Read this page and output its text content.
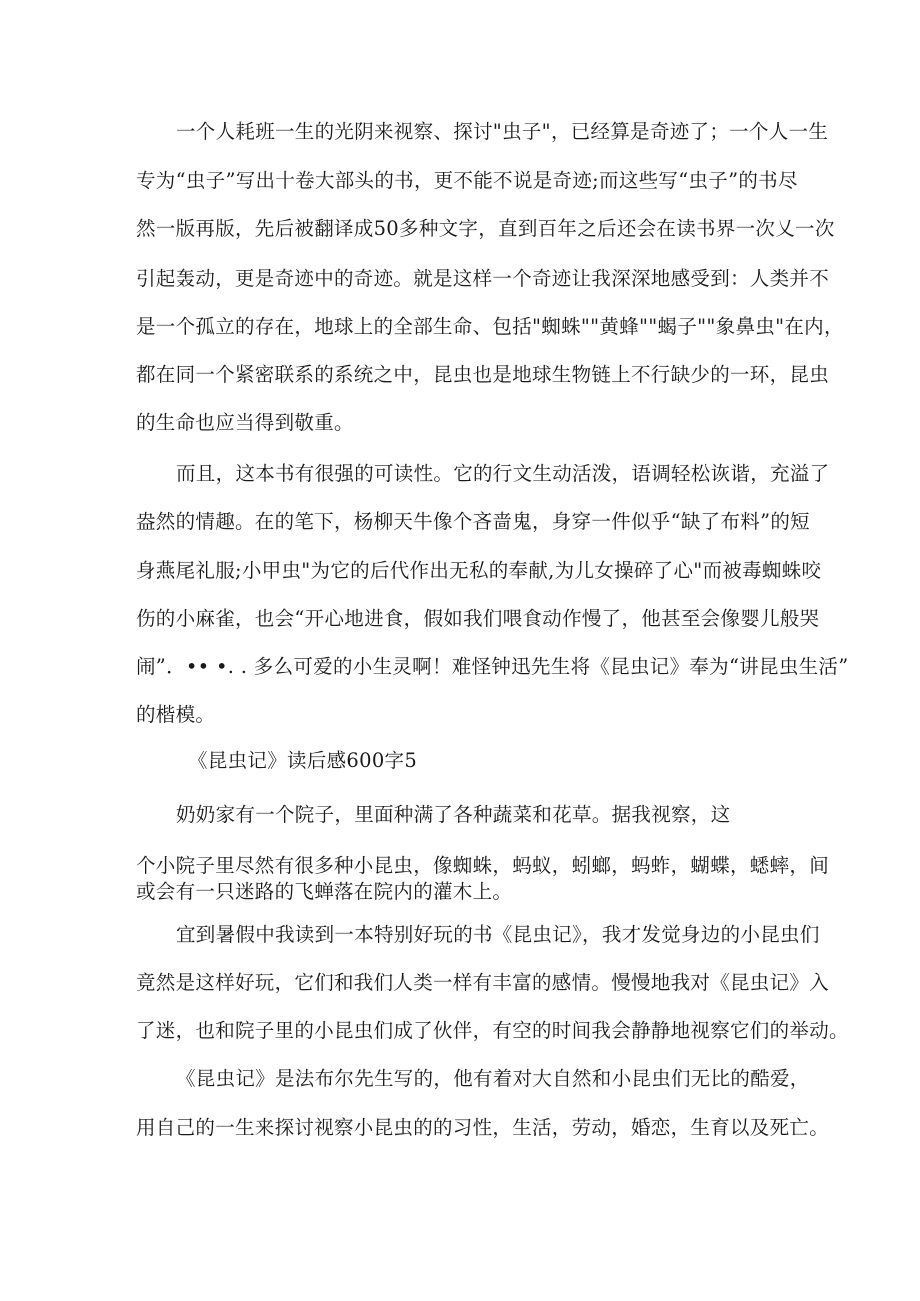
一个人耗班一生的光阴来视察、探讨"虫子"，已经算是奇迹了；一个人一生
专为“虫子”写出十卷大部头的书，更不能不说是奇迹;而这些写“虫子”的书尽
然一版再版，先后被翻译成50多种文字，直到百年之后还会在读书界一次乂一次
引起轰动，更是奇迹中的奇迹。就是这样一个奇迹让我深深地感受到：人类并不
是一个孤立的存在，地球上的全部生命、包括"蜘蛛""黄蜂""蝎子""象鼻虫"在内，
都在同一个紧密联系的系统之中，昆虫也是地球生物链上不行缺少的一环，昆虫
的生命也应当得到敬重。
而且，这本书有很强的可读性。它的行文生动活泼，语调轻松诙谐，充溢了
盎然的情趣。在的笔下，杨柳天牛像个吝啬鬼，身穿一件似乎“缺了布料”的短
身燕尾礼服;小甲虫"为它的后代作出无私的奉献,为儿女操碎了心"而被毒蜘蛛咬
伤的小麻雀，也会“开心地进食，假如我们喂食动作慢了，他甚至会像婴儿般哭
闹”．•• •. . 多么可爱的小生灵啊！难怪钟迅先生将《昆虫记》奉为“讲昆虫生活”
的楷模。
《昆虫记》读后感600字5
奶奶家有一个院子，里面种满了各种蔬菜和花草。据我视察，这
个小院子里尽然有很多种小昆虫，像蜘蛛，蚂蚁，蚓螂，蚂蚱，蝴蝶，蟋蟀，间
或会有一只迷路的飞蝉落在院内的灌木上。
宜到暑假中我读到一本特别好玩的书《昆虫记》，我才发觉身边的小昆虫们
竟然是这样好玩，它们和我们人类一样有丰富的感情。慢慢地我对《昆虫记》入
了迷，也和院子里的小昆虫们成了伙伴，有空的时间我会静静地视察它们的举动。
《昆虫记》是法布尔先生写的，他有着对大自然和小昆虫们无比的酷爱，
用自己的一生来探讨视察小昆虫的的习性，生活，劳动，婚恋，生育以及死亡。
